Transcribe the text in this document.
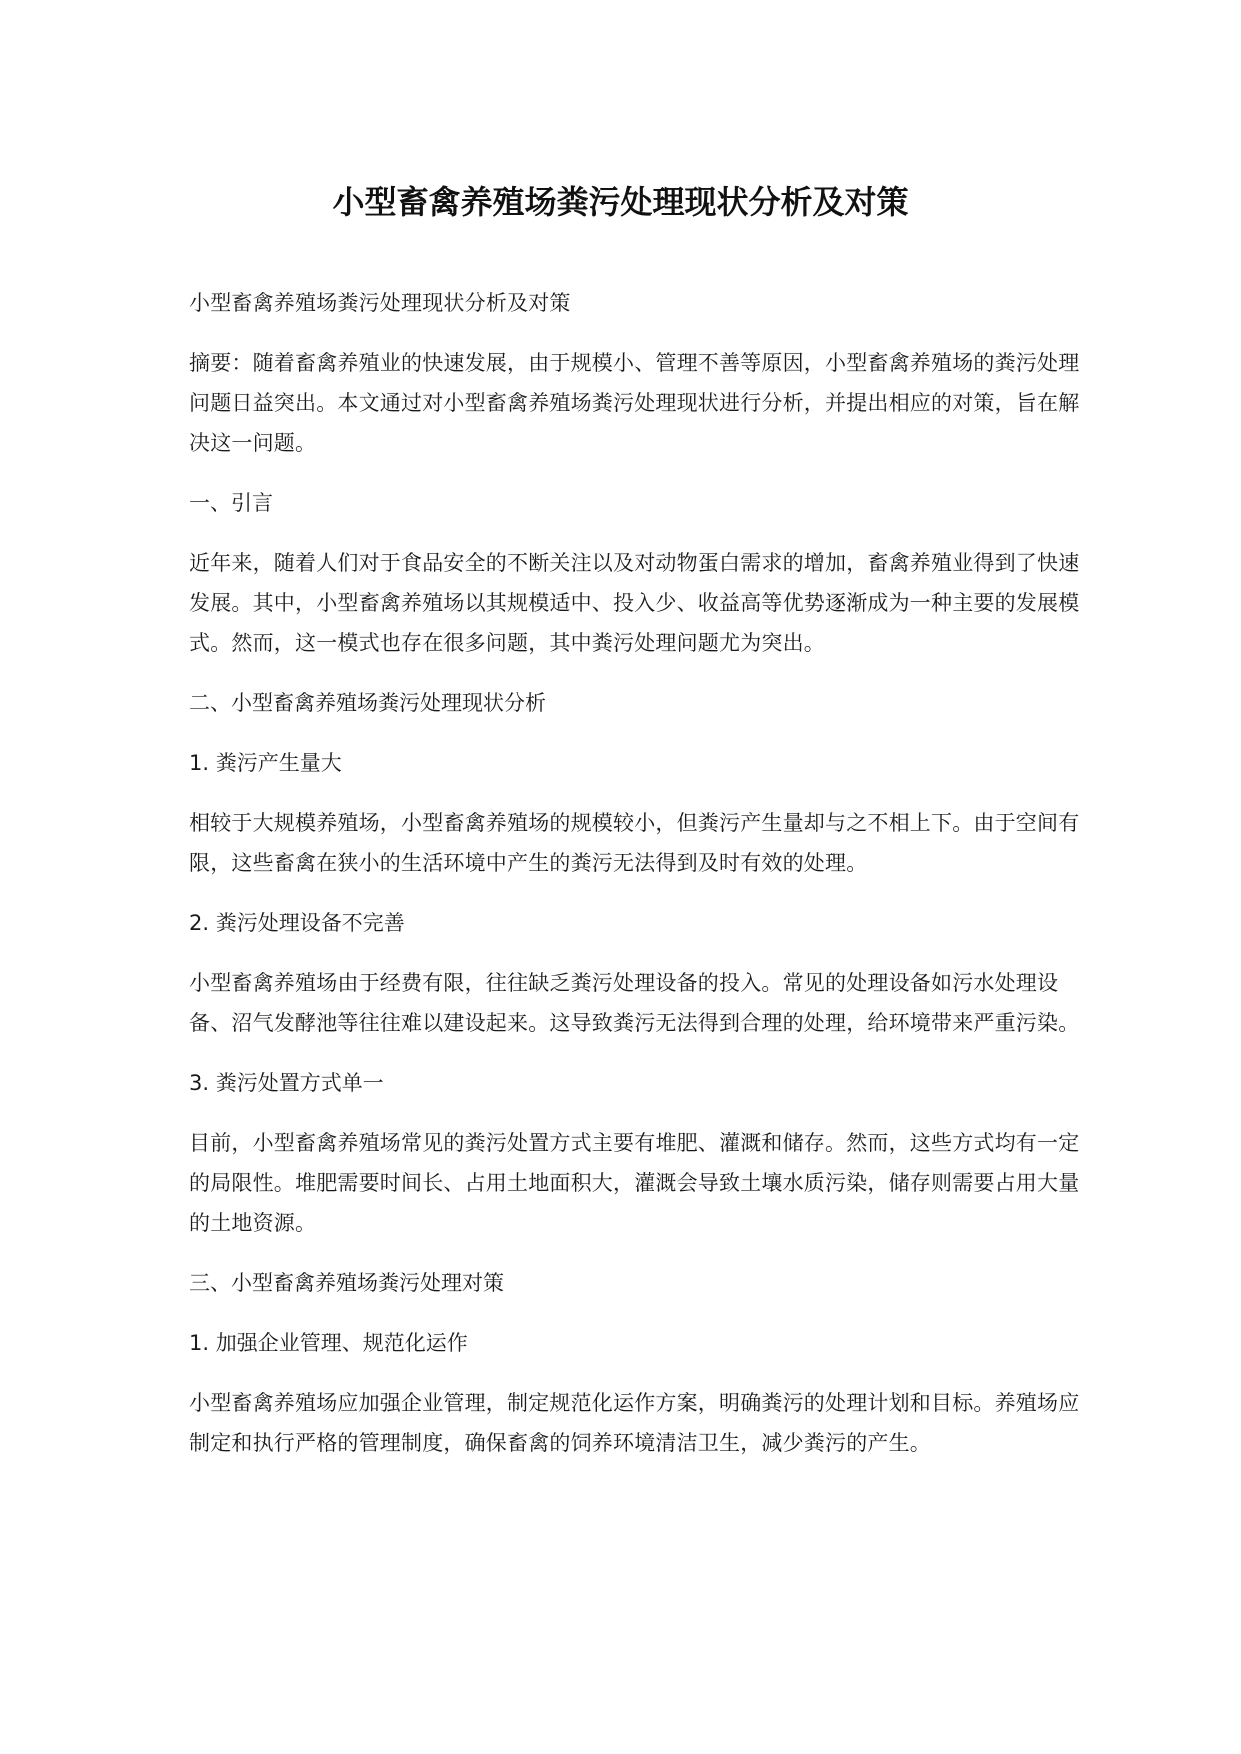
小型畜禽养殖场粪污处理现状分析及对策

小型畜禽养殖场粪污处理现状分析及对策

摘要：随着畜禽养殖业的快速发展，由于规模小、管理不善等原因，小型畜禽养殖场的粪污处理问题日益突出。本文通过对小型畜禽养殖场粪污处理现状进行分析，并提出相应的对策，旨在解决这一问题。

一、引言

近年来，随着人们对于食品安全的不断关注以及对动物蛋白需求的增加，畜禽养殖业得到了快速发展。其中，小型畜禽养殖场以其规模适中、投入少、收益高等优势逐渐成为一种主要的发展模式。然而，这一模式也存在很多问题，其中粪污处理问题尤为突出。

二、小型畜禽养殖场粪污处理现状分析

1. 粪污产生量大

相较于大规模养殖场，小型畜禽养殖场的规模较小，但粪污产生量却与之不相上下。由于空间有限，这些畜禽在狭小的生活环境中产生的粪污无法得到及时有效的处理。

2. 粪污处理设备不完善

小型畜禽养殖场由于经费有限，往往缺乏粪污处理设备的投入。常见的处理设备如污水处理设备、沼气发酵池等往往难以建设起来。这导致粪污无法得到合理的处理，给环境带来严重污染。

3. 粪污处置方式单一

目前，小型畜禽养殖场常见的粪污处置方式主要有堆肥、灌溉和储存。然而，这些方式均有一定的局限性。堆肥需要时间长、占用土地面积大，灌溉会导致土壤水质污染，储存则需要占用大量的土地资源。

三、小型畜禽养殖场粪污处理对策

1. 加强企业管理、规范化运作

小型畜禽养殖场应加强企业管理，制定规范化运作方案，明确粪污的处理计划和目标。养殖场应制定和执行严格的管理制度，确保畜禽的饲养环境清洁卫生，减少粪污的产生。
